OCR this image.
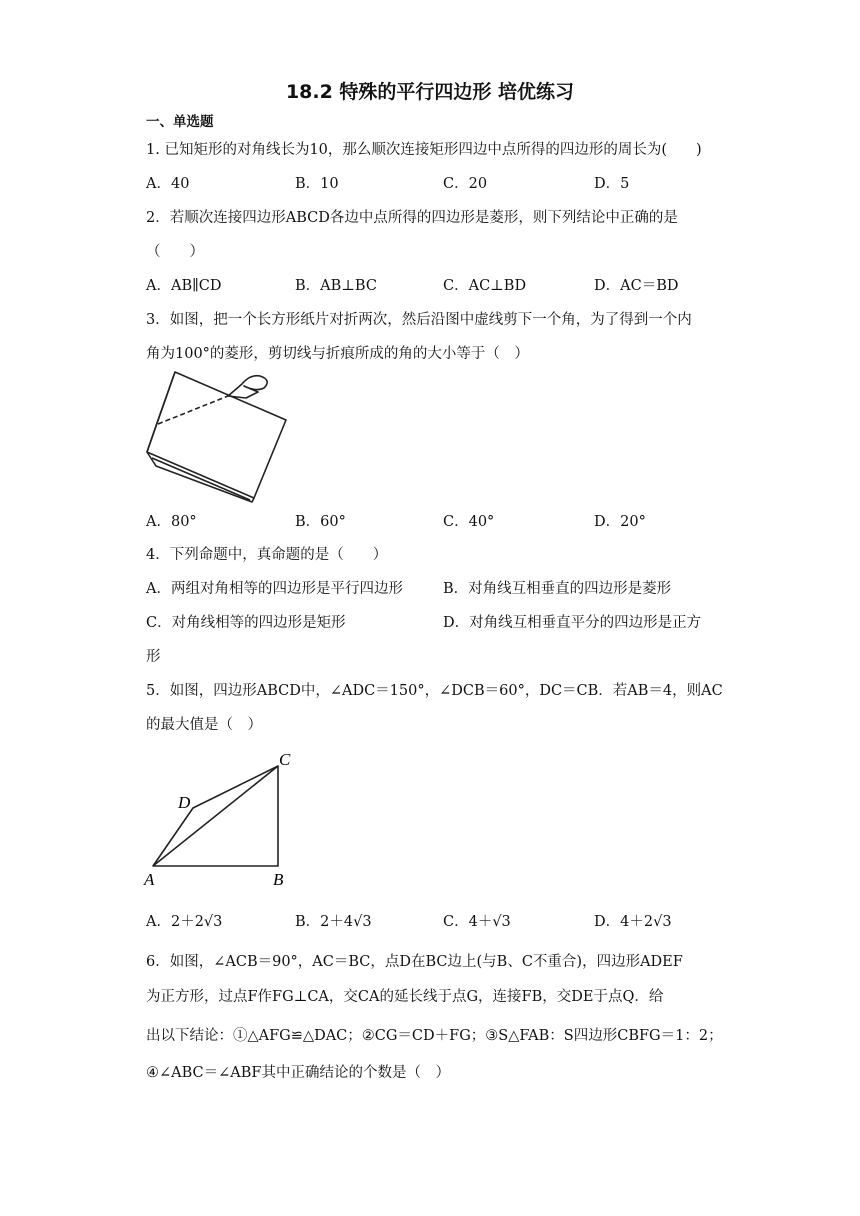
18.2 特殊的平行四边形 培优练习
一、单选题
1. 已知矩形的对角线长为10，那么顺次连接矩形四边中点所得的四边形的周长为(　　)
A．40	B．10	C．20	D．5
2．若顺次连接四边形ABCD各边中点所得的四边形是菱形，则下列结论中正确的是
（　　）
A．AB∥CD	B．AB⊥BC	C．AC⊥BD	D．AC＝BD
3．如图，把一个长方形纸片对折两次，然后沿图中虚线剪下一个角，为了得到一个内
角为100°的菱形，剪切线与折痕所成的角的大小等于（　）
A．80°	B．60°	C．40°	D．20°
4．下列命题中，真命题的是（　　）
A．两组对角相等的四边形是平行四边形	B．对角线互相垂直的四边形是菱形
C．对角线相等的四边形是矩形	D．对角线互相垂直平分的四边形是正方
形
5．如图，四边形ABCD中，∠ADC＝150°，∠DCB＝60°，DC＝CB．若AB＝4，则AC
的最大值是（　）
A	B
C
D
A．2＋2√3	B．2＋4√3	C．4＋√3	D．4＋2√3
6．如图，∠ACB＝90°，AC＝BC，点D在BC边上(与B、C不重合)，四边形ADEF
为正方形，过点F作FG⊥CA，交CA的延长线于点G，连接FB，交DE于点Q．给
出以下结论：①△AFG≌△DAC；②CG＝CD＋FG；③S△FAB：S四边形CBFG＝1：2；
④∠ABC＝∠ABF其中正确结论的个数是（　）
